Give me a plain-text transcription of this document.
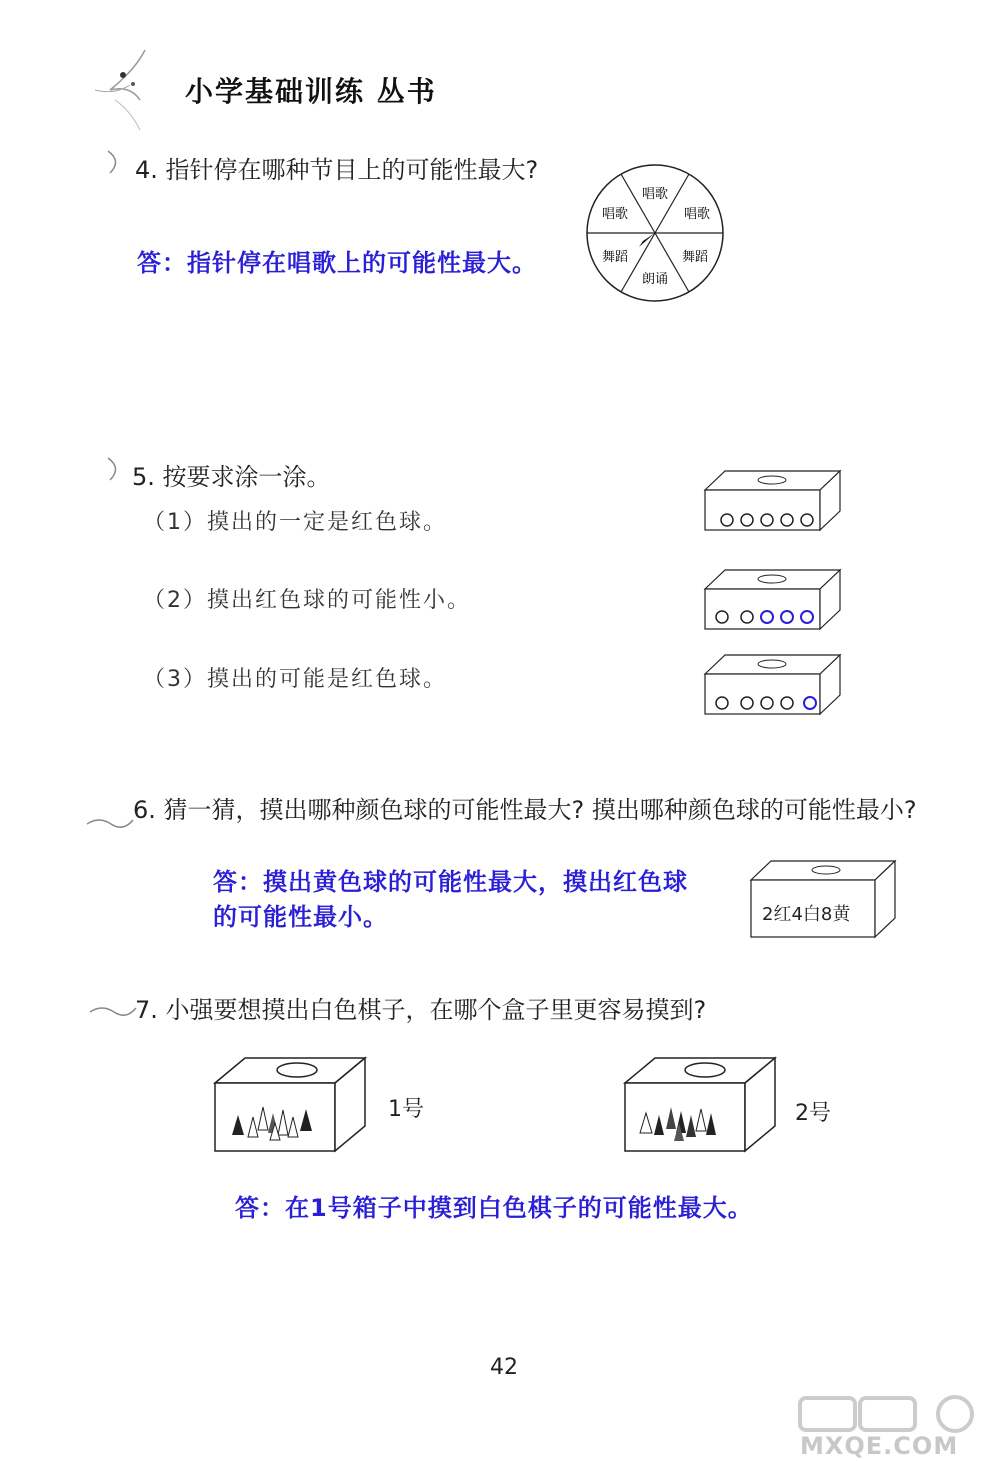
小学基础训练 丛书
4. 指针停在哪种节目上的可能性最大?
答：指针停在唱歌上的可能性最大。
唱歌
唱歌
舞蹈
朗诵
舞蹈
唱歌
5. 按要求涂一涂。
（1）摸出的一定是红色球。
（2）摸出红色球的可能性小。
（3）摸出的可能是红色球。
6. 猜一猜，摸出哪种颜色球的可能性最大? 摸出哪种颜色球的可能性最小?
答：摸出黄色球的可能性最大，摸出红色球
的可能性最小。	2红4白8黄
7. 小强要想摸出白色棋子，在哪个盒子里更容易摸到?
1号	2号
答：在1号箱子中摸到白色棋子的可能性最大。
42
MXQE.COM
